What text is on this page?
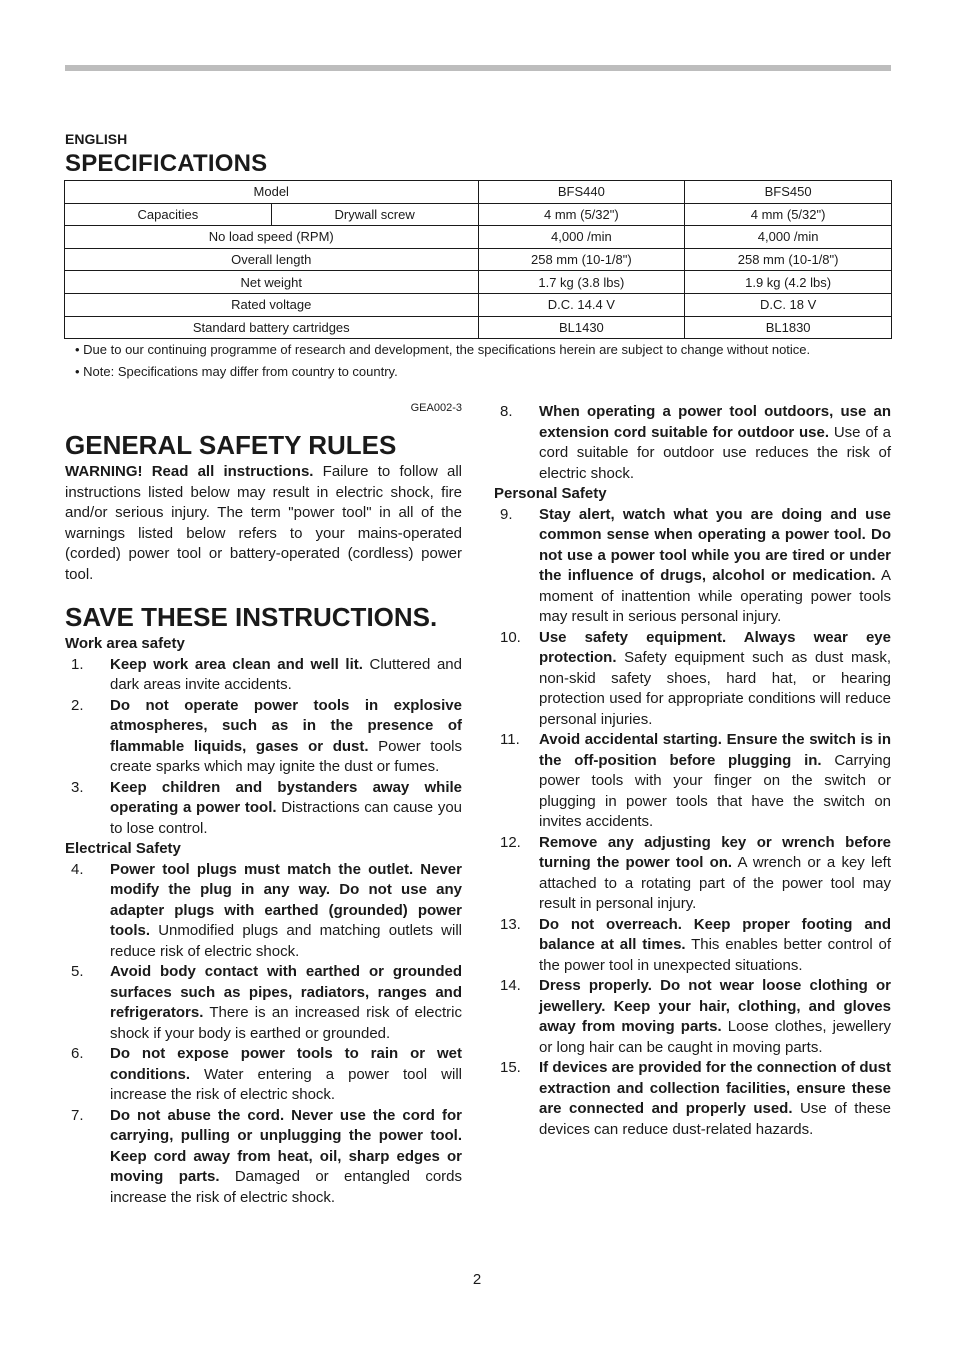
ENGLISH
SPECIFICATIONS
Model		BFS440	BFS450
Capacities	Drywall screw	4 mm (5/32")	4 mm (5/32")
No load speed (RPM)		4,000 /min	4,000 /min
Overall length		258 mm (10-1/8")	258 mm (10-1/8")
Net weight		1.7 kg (3.8 lbs)	1.9 kg (4.2 lbs)
Rated voltage		D.C. 14.4 V	D.C. 18 V
Standard battery cartridges		BL1430	BL1830
• Due to our continuing programme of research and development, the specifications herein are subject to change without notice.
• Note: Specifications may differ from country to country.
GEA002-3
GENERAL SAFETY RULES
WARNING! Read all instructions. Failure to follow all instructions listed below may result in electric shock, fire and/or serious injury. The term "power tool" in all of the warnings listed below refers to your mains-operated (corded) power tool or battery-operated (cordless) power tool.
SAVE THESE INSTRUCTIONS.
Work area safety
1.	Keep work area clean and well lit. Cluttered and dark areas invite accidents.
2.	Do not operate power tools in explosive atmospheres, such as in the presence of flammable liquids, gases or dust. Power tools create sparks which may ignite the dust or fumes.
3.	Keep children and bystanders away while operating a power tool. Distractions can cause you to lose control.
Electrical Safety
4.	Power tool plugs must match the outlet. Never modify the plug in any way. Do not use any adapter plugs with earthed (grounded) power tools. Unmodified plugs and matching outlets will reduce risk of electric shock.
5.	Avoid body contact with earthed or grounded surfaces such as pipes, radiators, ranges and refrigerators. There is an increased risk of electric shock if your body is earthed or grounded.
6.	Do not expose power tools to rain or wet conditions. Water entering a power tool will increase the risk of electric shock.
7.	Do not abuse the cord. Never use the cord for carrying, pulling or unplugging the power tool. Keep cord away from heat, oil, sharp edges or moving parts. Damaged or entangled cords increase the risk of electric shock.
8.	When operating a power tool outdoors, use an extension cord suitable for outdoor use. Use of a cord suitable for outdoor use reduces the risk of electric shock.
Personal Safety
9.	Stay alert, watch what you are doing and use common sense when operating a power tool. Do not use a power tool while you are tired or under the influence of drugs, alcohol or medication. A moment of inattention while operating power tools may result in serious personal injury.
10.	Use safety equipment. Always wear eye protection. Safety equipment such as dust mask, non-skid safety shoes, hard hat, or hearing protection used for appropriate conditions will reduce personal injuries.
11.	Avoid accidental starting. Ensure the switch is in the off-position before plugging in. Carrying power tools with your finger on the switch or plugging in power tools that have the switch on invites accidents.
12.	Remove any adjusting key or wrench before turning the power tool on. A wrench or a key left attached to a rotating part of the power tool may result in personal injury.
13.	Do not overreach. Keep proper footing and balance at all times. This enables better control of the power tool in unexpected situations.
14.	Dress properly. Do not wear loose clothing or jewellery. Keep your hair, clothing, and gloves away from moving parts. Loose clothes, jewellery or long hair can be caught in moving parts.
15.	If devices are provided for the connection of dust extraction and collection facilities, ensure these are connected and properly used. Use of these devices can reduce dust-related hazards.
2
